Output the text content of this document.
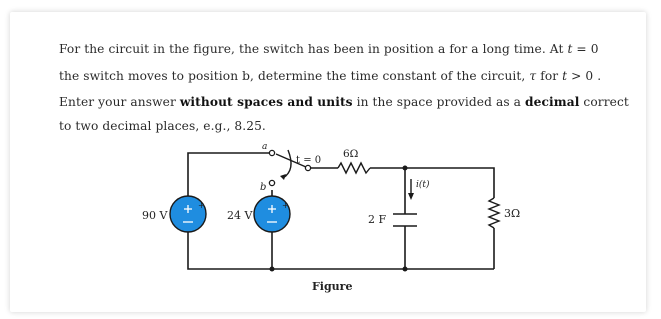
For the circuit in the figure, the switch has been in position a for a long time. At t = 0
the switch moves to position b, determine the time constant of the circuit, τ for t > 0 .
Enter your answer without spaces and units in the space provided as a decimal correct
to two decimal places, e.g., 8.25.
90 V	24 V
+	+
a
b
t = 0
6Ω
2 F
i(t)
3Ω
Figure
